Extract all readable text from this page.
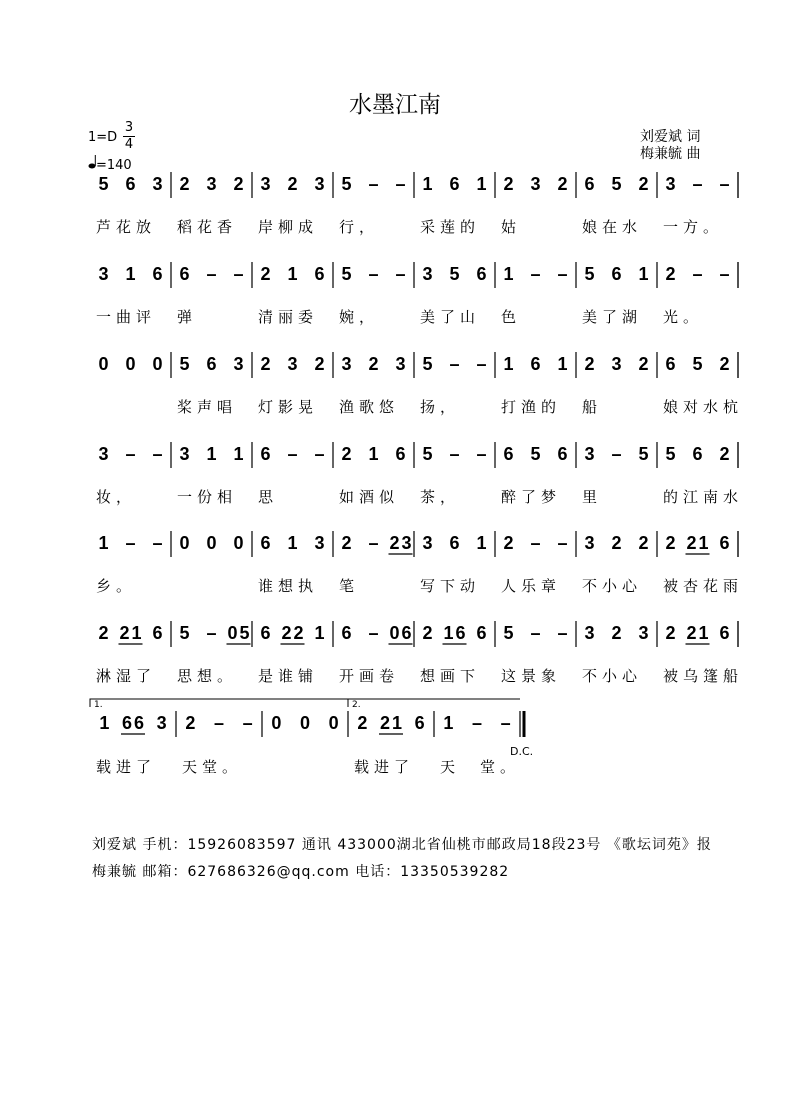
水墨江南
1=D
3
4
=140
刘爱斌 词
梅兼毓 曲
5 6 3
芦花放
2 3 2
稻花香
3 2 3
岸柳成
5 – –
行，
1 6 1
采莲的
2 3 2
姑
6 5 2
娘在水
3 – –
一方。
3 1 6
一曲评
6 – –
弹
2 1 6
清丽委
5 – –
婉，
3 5 6
美了山
1 – –
色
5 6 1
美了湖
2 – –
光。
0 0 0 5 6 3
桨声唱
2 3 2
灯影晃
3 2 3
渔歌悠
5 – –
扬，
1 6 1
打渔的
2 3 2
船
6 5 2
娘对水杭
3 – –
妆，
3 1 1
一份相
6 – –
思
2 1 6
如酒似
5 – –
茶，
6 5 6
醉了梦
3 – 5
里
5 6 2
的江南水
1 – –
乡。
0 0 0 6 1 3
谁想执
2 – 2 3
笔
3 6 1
写下动
2 – –
人乐章
3 2 2
不小心
2 2 1 6
被杏花雨
2 2 1 6
淋湿了
5 – 0 5
思想。
6 2 2 1
是谁铺
6 – 0 6
开画卷
2 1 6 6
想画下
5 – –
这景象
3 2 3
不小心
2 2 1 6
被乌篷船
1 6 6 3
载进了
2 – –
天堂。
0 0 0 2 2 1 6
载进了
1 – –
天　堂。
D.C.
1.	2.
刘爱斌 手机：15926083597 通讯 433000湖北省仙桃市邮政局18段23号 《歌坛词苑》报
梅兼毓 邮箱：627686326@qq.com 电话：13350539282
